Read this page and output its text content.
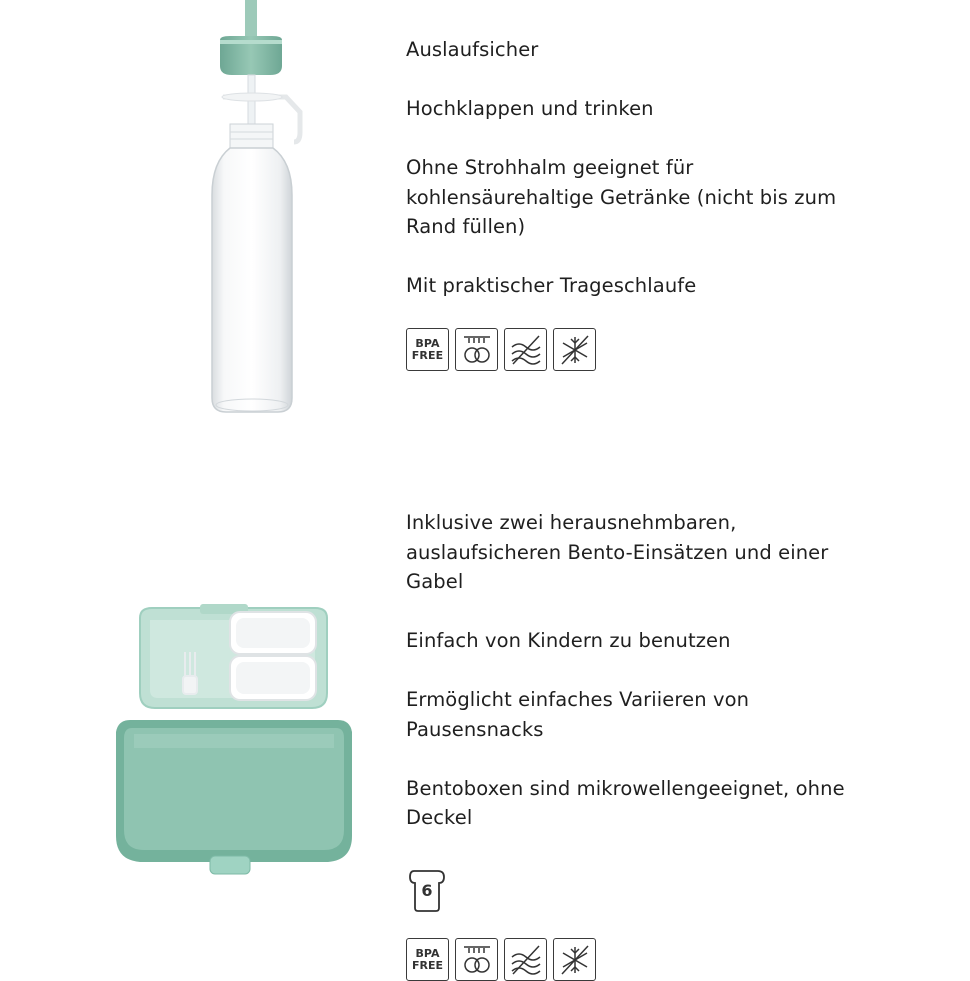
Auslaufsicher

Hochklappen und trinken

Ohne Strohhalm geeignet für kohlensäurehaltige Getränke (nicht bis zum Rand füllen)

Mit praktischer Trageschlaufe

BPA
FREE

Inklusive zwei herausnehmbaren, auslaufsicheren Bento-Einsätzen und einer Gabel

Einfach von Kindern zu benutzen

Ermöglicht einfaches Variieren von Pausensnacks

Bentoboxen sind mikrowellengeeignet, ohne Deckel

6
BPA
FREE
